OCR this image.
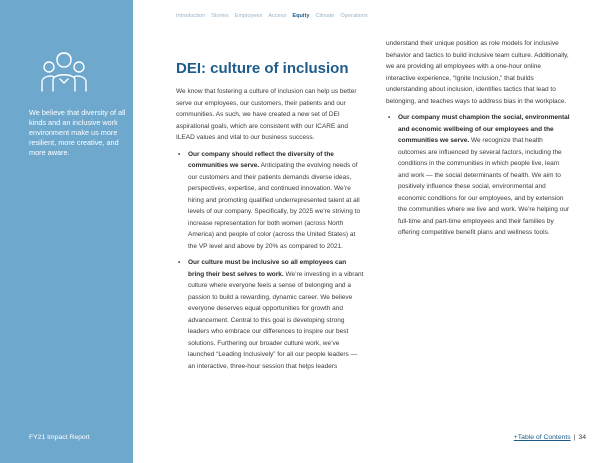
We believe that diversity of all kinds and an inclusive work environment make us more resilient, more creative, and more aware.
FY21 Impact Report
Introduction Stories Employees Access Equity Climate Operations
DEI: culture of inclusion

We know that fostering a culture of inclusion can help us better serve our employees, our customers, their patients and our communities. As such, we have created a new set of DEI aspirational goals, which are consistent with our ICARE and ILEAD values and vital to our business success.

• Our company should reflect the diversity of the communities we serve. Anticipating the evolving needs of our customers and their patients demands diverse ideas, perspectives, expertise, and continued innovation. We’re hiring and promoting qualified underrepresented talent at all levels of our company. Specifically, by 2025 we’re striving to increase representation for both women (across North America) and people of color (across the United States) at the VP level and above by 20% as compared to 2021.

• Our culture must be inclusive so all employees can bring their best selves to work. We’re investing in a vibrant culture where everyone feels a sense of belonging and a passion to build a rewarding, dynamic career. We believe everyone deserves equal opportunities for growth and advancement. Central to this goal is developing strong leaders who embrace our differences to inspire our best solutions. Furthering our broader culture work, we’ve launched “Leading Inclusively” for all our people leaders — an interactive, three-hour session that helps leaders

understand their unique position as role models for inclusive behavior and tactics to build inclusive team culture. Additionally, we are providing all employees with a one-hour online interactive experience, “Ignite Inclusion,” that builds understanding about inclusion, identifies tactics that lead to belonging, and teaches ways to address bias in the workplace.

• Our company must champion the social, environmental and economic wellbeing of our employees and the communities we serve. We recognize that health outcomes are influenced by several factors, including the conditions in the communities in which people live, learn and work — the social determinants of health. We aim to positively influence these social, environmental and economic conditions for our employees, and by extension the communities where we live and work. We’re helping our full-time and part-time employees and their families by offering competitive benefit plans and wellness tools.

+Table of Contents | 34
